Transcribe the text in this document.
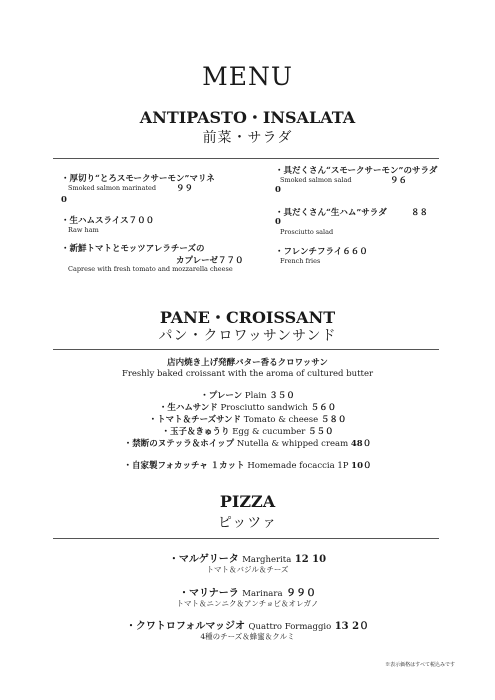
MENU
ANTIPASTO・INSALATA
前菜・サラダ
・厚切り“とろスモークサーモン”マリネ
Smoked salmon marinated ９９
0
・生ハムスライス７００
Raw ham
・新鮮トマトとモッツアレラチーズの
カプレーゼ７７０
Caprese with fresh tomato and mozzarella cheese
・具だくさん“スモークサーモン”のサラダ
Smoked salmon salad	９６
0
・具だくさん“生ハム”サラダ	８８
0
Prosciutto salad
・フレンチフライ６６０
French fries
PANE・CROISSANT
パン・クロワッサンサンド
店内焼き上げ発酵バター香るクロワッサン
Freshly baked croissant with the aroma of cultured butter
・プレーン Plain ３５０
・生ハムサンド Prosciutto sandwich ５６０
・トマト＆チーズサンド Tomato & cheese ５８０
・玉子＆きゅうり Egg & cucumber ５５０
・禁断のヌテッラ＆ホイップ Nutella & whipped cream 48０
・自家製フォカッチャ １カット Homemade focaccia 1P 10０
PIZZA
ピッツァ
・マルゲリータ Margherita 12 10
トマト＆バジル＆チーズ
・マリナーラ Marinara ９９０
トマト＆ニンニク＆アンチョビ＆オレガノ
・クワトロフォルマッジオ Quattro Formaggio 13 2０
4種のチーズ＆蜂蜜＆クルミ
※表示価格はすべて税込みです
